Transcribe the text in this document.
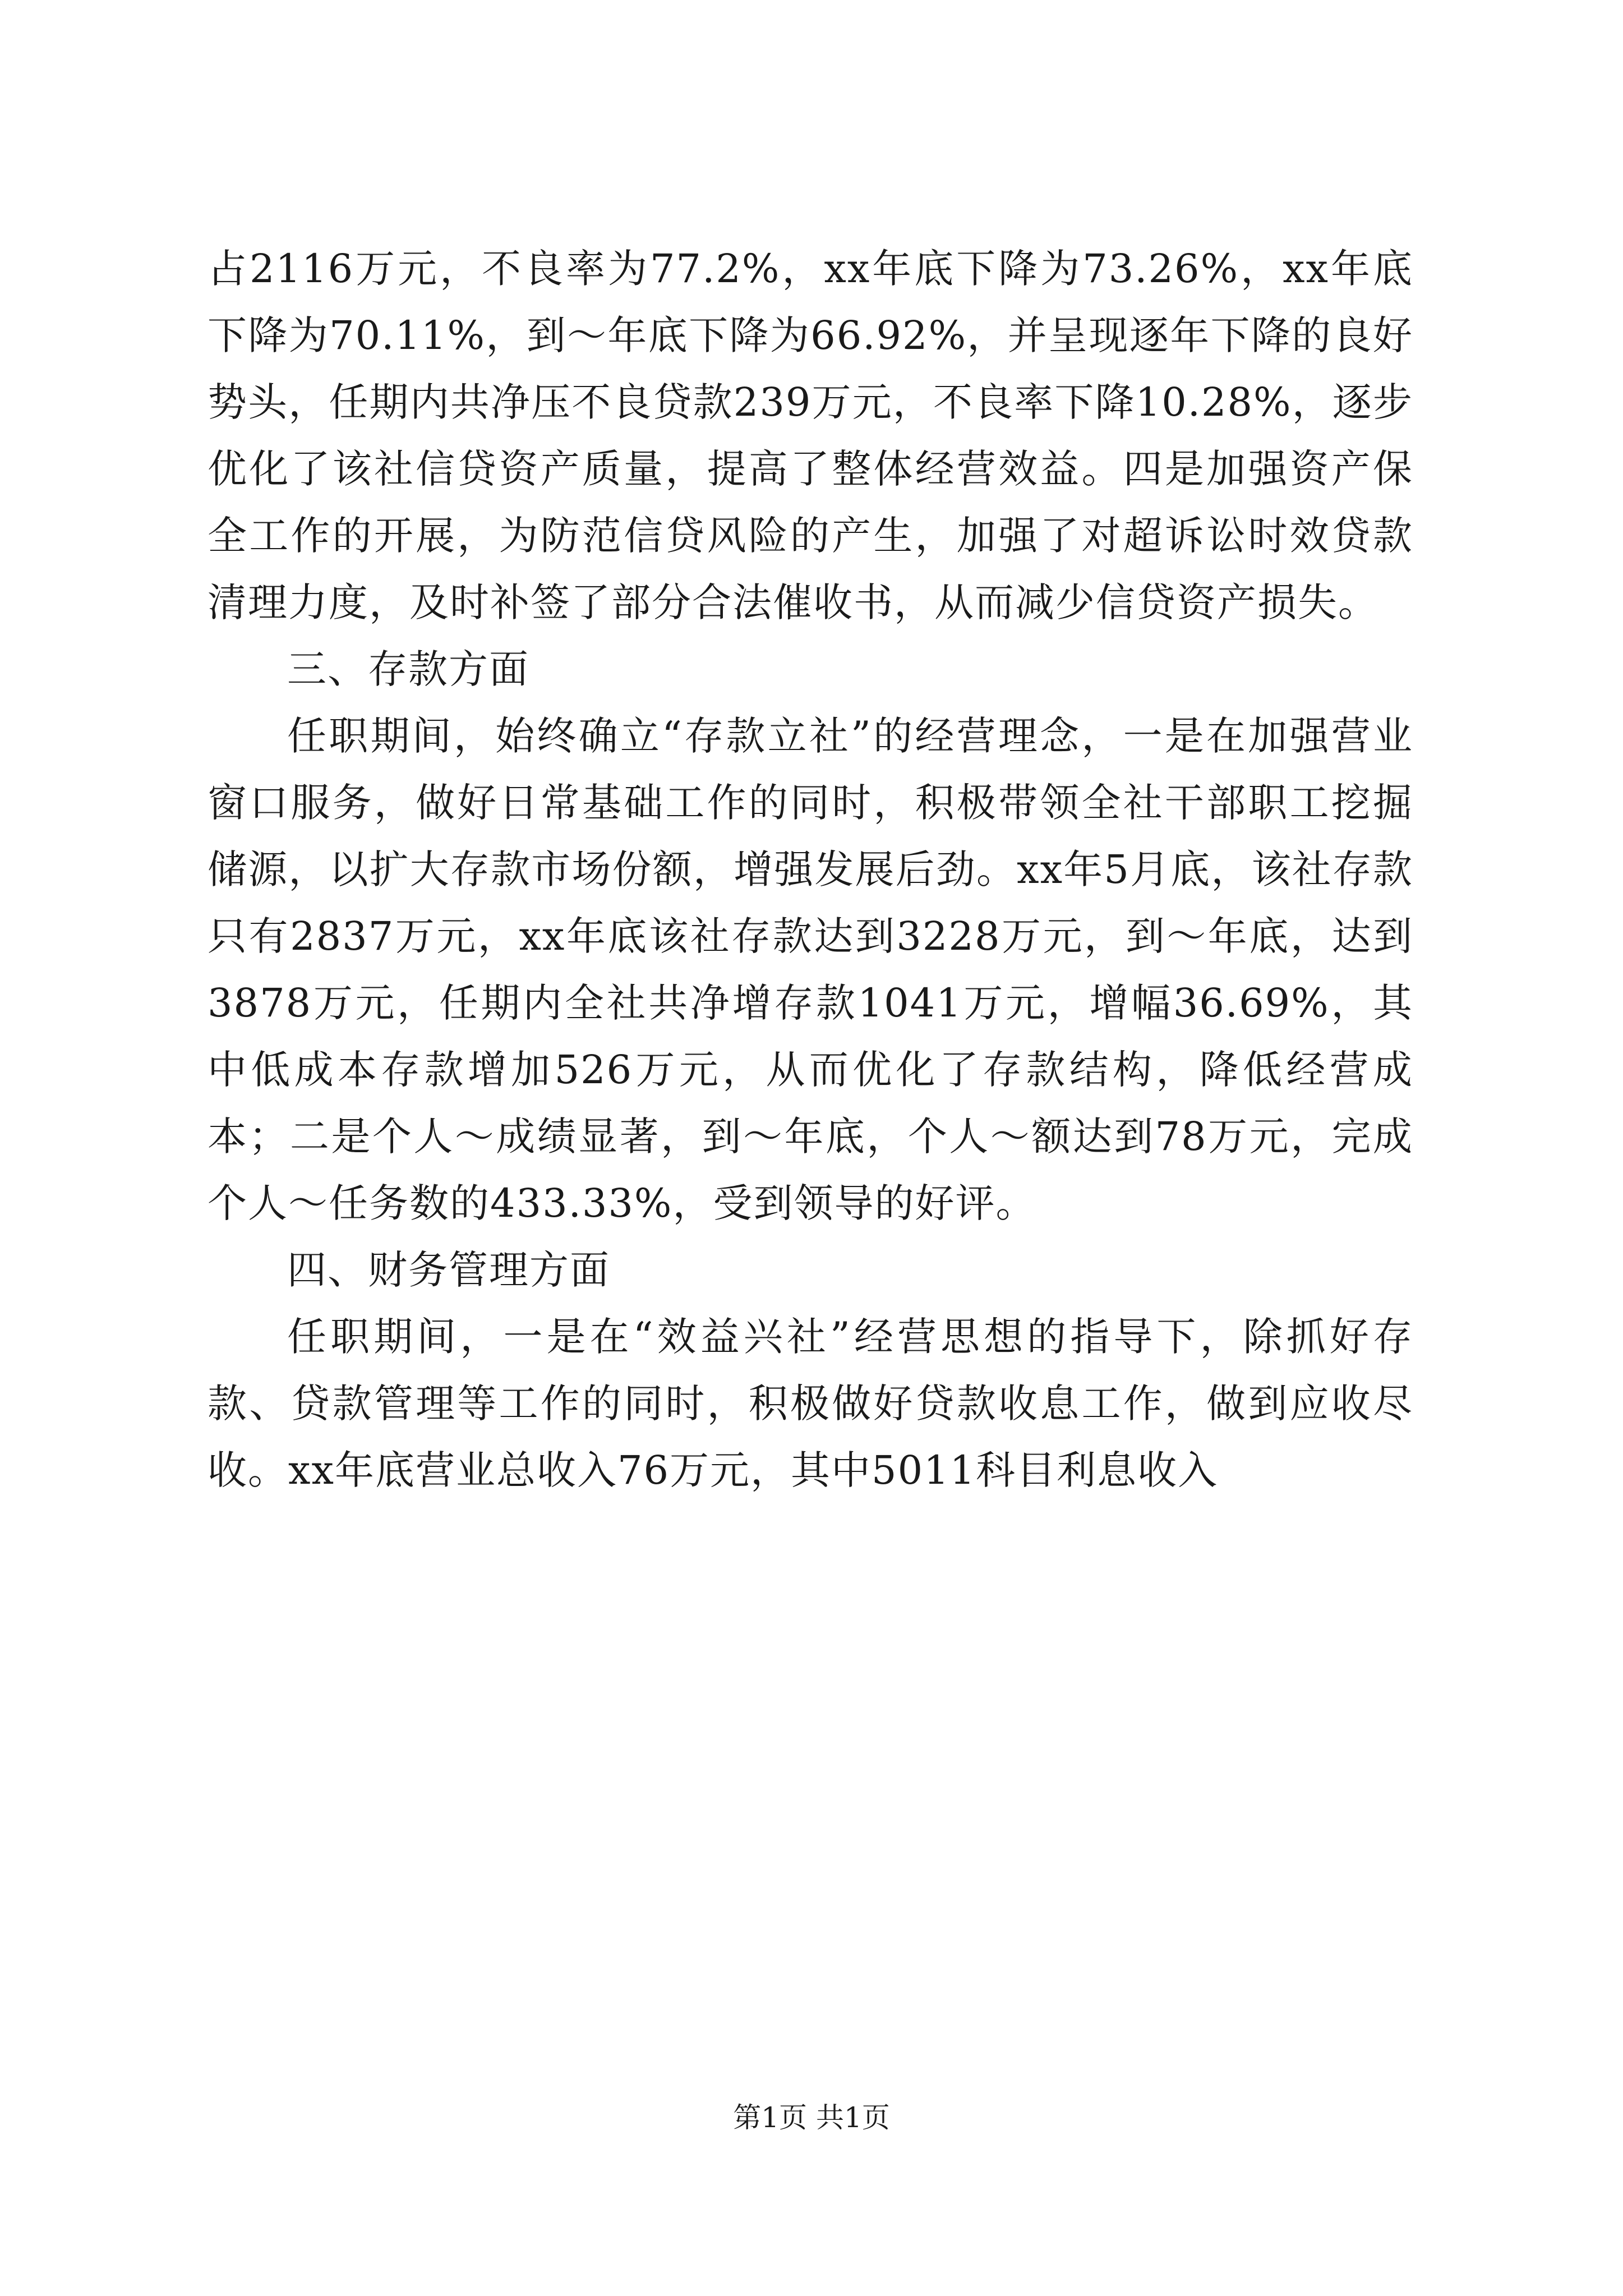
占2116万元，不良率为77.2%，xx年底下降为73.26%，xx年底下降为70.11%，到～年底下降为66.92%，并呈现逐年下降的良好势头，任期内共净压不良贷款239万元，不良率下降10.28%，逐步优化了该社信贷资产质量，提高了整体经营效益。四是加强资产保全工作的开展，为防范信贷风险的产生，加强了对超诉讼时效贷款清理力度，及时补签了部分合法催收书，从而减少信贷资产损失。

三、存款方面

任职期间，始终确立“存款立社”的经营理念，一是在加强营业窗口服务，做好日常基础工作的同时，积极带领全社干部职工挖掘储源，以扩大存款市场份额，增强发展后劲。xx年5月底，该社存款只有2837万元，xx年底该社存款达到3228万元，到～年底，达到3878万元，任期内全社共净增存款1041万元，增幅36.69%，其中低成本存款增加526万元，从而优化了存款结构，降低经营成本；二是个人～成绩显著，到～年底，个人～额达到78万元，完成个人～任务数的433.33%，受到领导的好评。

四、财务管理方面

任职期间，一是在“效益兴社”经营思想的指导下，除抓好存款、贷款管理等工作的同时，积极做好贷款收息工作，做到应收尽收。xx年底营业总收入76万元，其中5011科目利息收入

第1页 共1页
